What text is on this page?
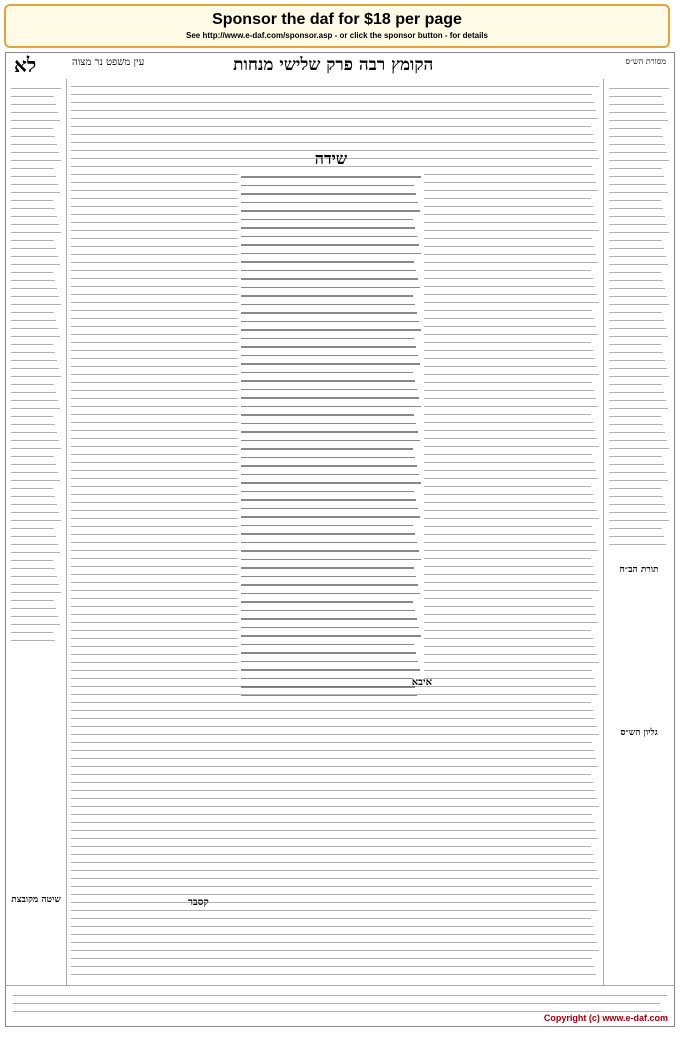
Sponsor the daf for $18 per page
See http://www.e-daf.com/sponsor.asp - or click the sponsor button - for details
לא	עין משפט נר מצוה	הקומץ רבה פרק שלישי מנחות	מסורת הש״ס
שיטה מקובצת
תורת הב״ח
גליון הש״ס
שידה
קסבר
איבא
Copyright (c) www.e-daf.com
